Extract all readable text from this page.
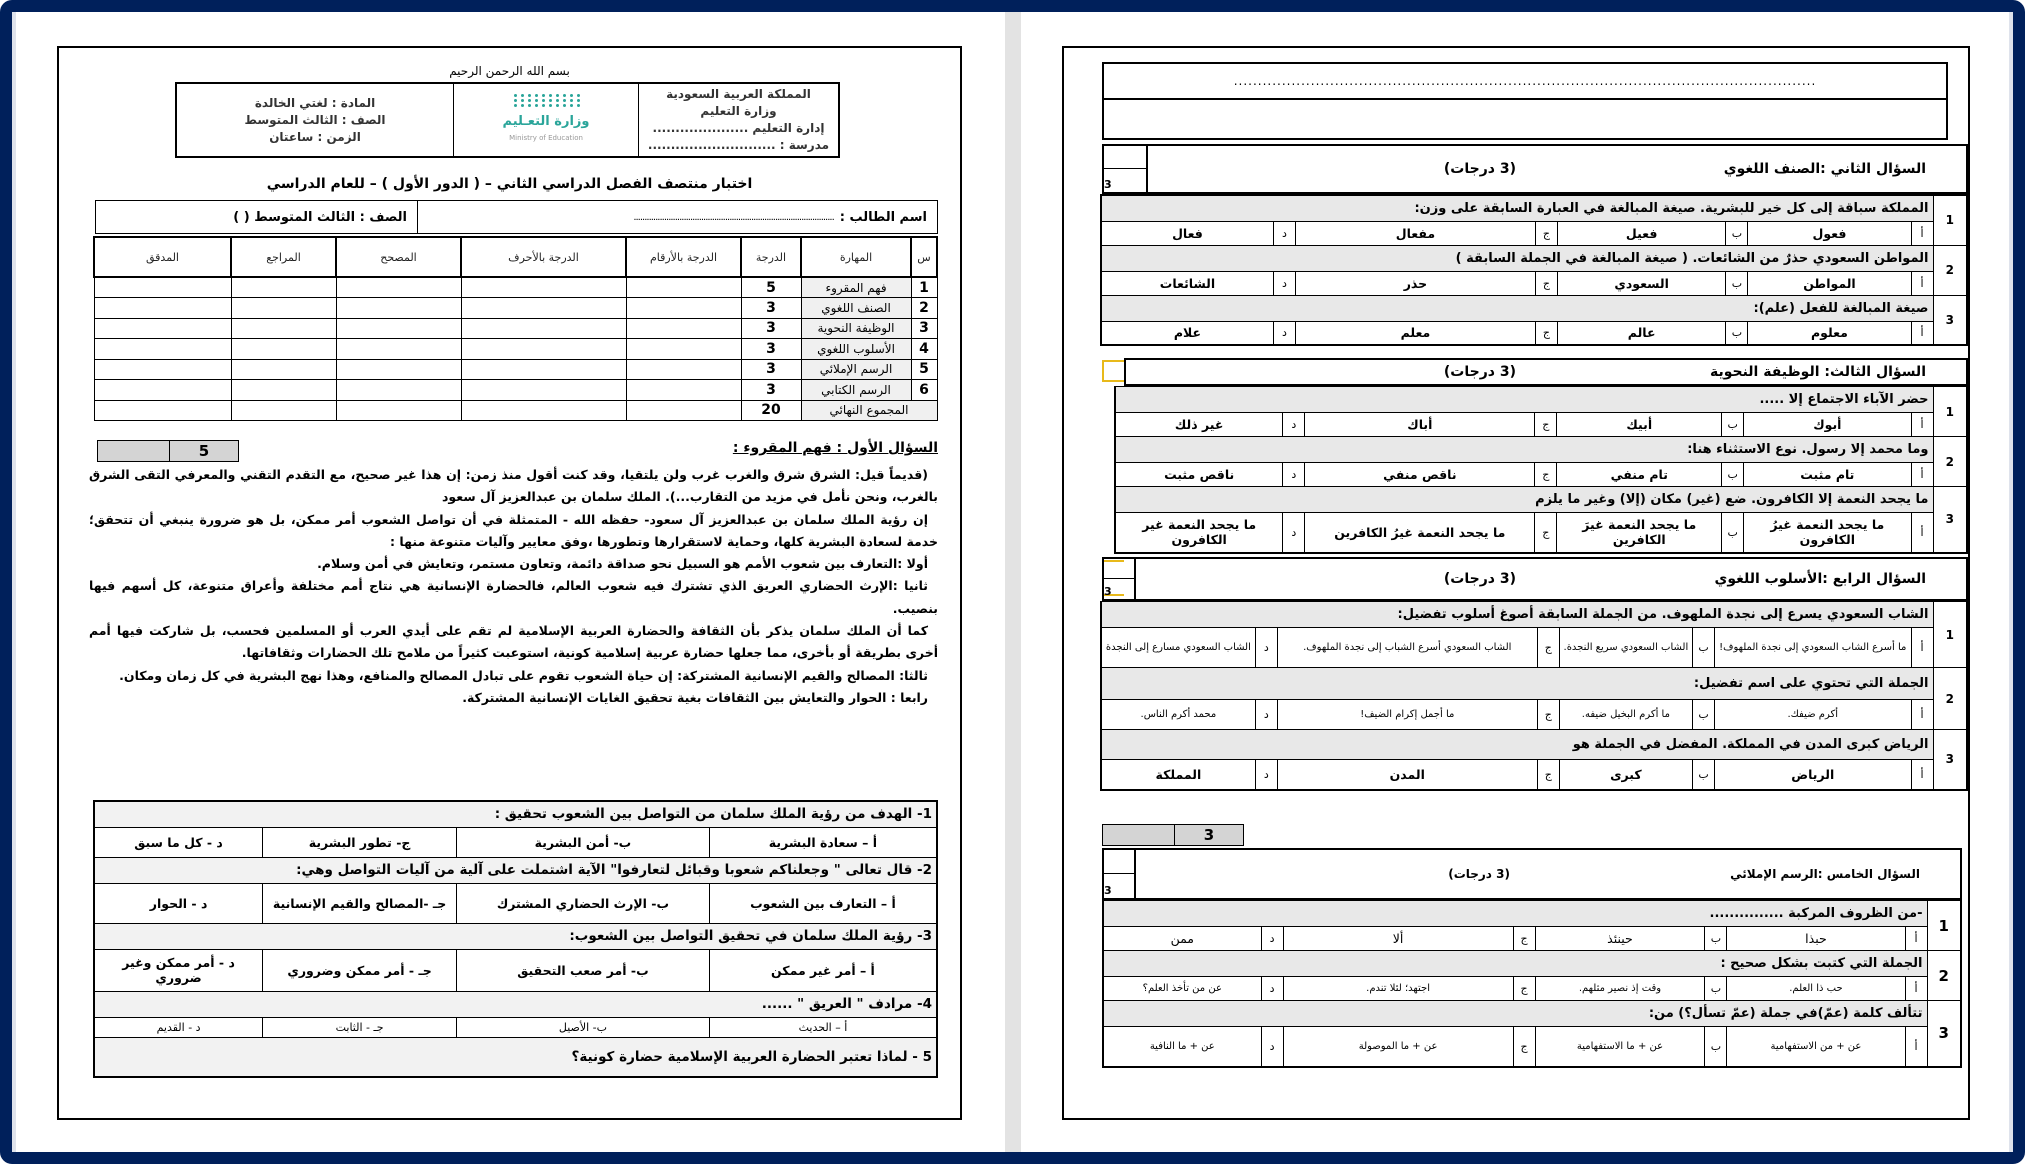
بسم الله الرحمن الرحيم
المملكة العربية السعودية
وزارة التعليم
إدارة التعليم .....................
مدرسة : ............................
وزارة التعـليم
Ministry of Education
المادة : لغتي الخالدة
الصف : الثالث المتوسط
الزمن : ساعتان
اختبار منتصف الفصل الدراسي الثاني – ( الدور الأول ) – للعام الدراسي
اسم الطالب :
............................................................................................
الصف : الثالث المتوسط ( )
س	المهارة	الدرجة	الدرجة بالأرقام	الدرجة بالأحرف	المصحح	المراجع	المدقق
1	فهم المقروء	5					
2	الصنف اللغوي	3					
3	الوظيفة النحوية	3					
4	الأسلوب اللغوي	3					
5	الرسم الإملائي	3					
6	الرسم الكتابي	3					
المجموع النهائي		20					
السؤال الأول : فهم المقروء :
5

(قديماً قيل: الشرق شرق والغرب غرب ولن يلتقيا، وقد كنت أقول منذ زمن: إن هذا غير صحيح، مع التقدم التقني والمعرفي التقى الشرق بالغرب، ونحن نأمل في مزيد من التقارب...). الملك سلمان بن عبدالعزيز آل سعود

إن رؤية الملك سلمان بن عبدالعزيز آل سعود- حفظه الله - المتمثلة في أن تواصل الشعوب أمر ممكن، بل هو ضرورة ينبغي أن تتحقق؛ خدمة لسعادة البشرية كلها، وحماية لاستقرارها وتطورها ،وفق معايير وآليات متنوعة منها :

أولا :التعارف بين شعوب الأمم هو السبيل نحو صداقة دائمة، وتعاون مستمر، وتعايش في أمن وسلام.

ثانيا :الإرث الحضاري العريق الذي تشترك فيه شعوب العالم، فالحضارة الإنسانية هي نتاج أمم مختلفة وأعراق متنوعة، كل أسهم فيها بنصيب.

كما أن الملك سلمان يذكر بأن الثقافة والحضارة العربية الإسلامية لم تقم على أيدي العرب أو المسلمين فحسب، بل شاركت فيها أمم أخرى بطريقة أو بأخرى، مما جعلها حضارة عربية إسلامية كونية، استوعبت كثيراً من ملامح تلك الحضارات وثقافاتها.

ثالثا: المصالح والقيم الإنسانية المشتركة: إن حياة الشعوب تقوم على تبادل المصالح والمنافع، وهذا نهج البشرية في كل زمان ومكان.

رابعا : الحوار والتعايش بين الثقافات بغية تحقيق الغايات الإنسانية المشتركة.

1- الهدف من رؤية الملك سلمان من التواصل بين الشعوب تحقيق :			
أ – سعادة البشرية	ب- أمن البشرية	ج- تطور البشرية	د - كل ما سبق
2- قال تعالى " وجعلناكم شعوبا وقبائل لتعارفوا" الآية اشتملت على آلية من آليات التواصل وهي:			
أ – التعارف بين الشعوب	ب- الإرث الحضاري المشترك	جـ -المصالح والقيم الإنسانية	د - الحوار
3- رؤية الملك سلمان في تحقيق التواصل بين الشعوب:			
أ – أمر غير ممكن	ب- أمر صعب التحقيق	جـ - أمر ممكن وضروري	د - أمر ممكن وغير ضروري
4- مرادف " العريق " ......			
أ – الحديث	ب- الأصيل	جـ - الثابت	د - القديم
5 - لماذا تعتبر الحضارة العربية الإسلامية حضارة كونية؟			
.........................................................................................................................
السؤال الثاني :الصنف اللغوي
(3 درجات)
3
1	المملكة سباقة إلى كل خير للبشرية. صيغة المبالغة في العبارة السابقة على وزن:							
	أ	فعول	ب	فعيل	ج	مفعال	د	فعال
2	المواطن السعودي حذرٌ من الشائعات. ( صيغة المبالغة في الجملة السابقة )							
	أ	المواطن	ب	السعودي	ج	حذر	د	الشائعات
3	صيغة المبالغة للفعل (علم):							
	أ	معلوم	ب	عالم	ج	معلم	د	علام
السؤال الثالث: الوظيفة النحوية
(3 درجات)
1	حضر الآباء الاجتماع إلا .....							
	أ	أبوك	ب	أبيك	ج	أباك	د	غير ذلك
2	وما محمد إلا رسول. نوع الاستثناء هنا:							
	أ	تام مثبت	ب	تام منفي	ج	ناقص منفي	د	ناقص مثبت
3	ما يجحد النعمة إلا الكافرون. ضع (غير) مكان (إلا) وغير ما يلزم							
	أ	ما يجحد النعمة غيرُ الكافرون	ب	ما يجحد النعمة غيرَ الكافرين	ج	ما يجحد النعمة غيرُ الكافرين	د	ما يجحد النعمة غير الكافرون
السؤال الرابع :الأسلوب اللغوي
(3 درجات)
3
1	الشاب السعودي يسرع إلى نجدة الملهوف. من الجملة السابقة أصوغ أسلوب تفضيل:							
	أ	ما أسرع الشاب السعودي إلى نجدة الملهوف!	ب	الشاب السعودي سريع النجدة.	ج	الشاب السعودي أسرع الشباب إلى نجدة الملهوف.	د	الشاب السعودي مسارع إلى النجدة
2	الجملة التي تحتوي على اسم تفضيل:							
	أ	أكرم ضيفك.	ب	ما أكرم البخيل ضيفه.	ج	ما أجمل إكرام الضيف!	د	محمد أكرم الناس.
3	الرياض كبرى المدن في المملكة. المفضل في الجملة هو							
	أ	الرياض	ب	كبرى	ج	المدن	د	المملكة
3
السؤال الخامس :الرسم الإملائي
(3 درجات)
3
1	-من الظروف المركبة ...............							
	أ	حبذا	ب	حينئذ	ج	ألا	د	ممن
2	الجملة التي كتبت بشكل صحيح :							
	أ	حب ذا العلم.	ب	وقت إذ نصير مثلهم.	ج	اجتهد؛ لئلا تندم.	د	عن من تأخذ العلم؟
3	تتألف كلمة (عمّ)في جملة (عمّ تسأل؟) من:							
	أ	عن + من الاستفهامية	ب	عن + ما الاستفهامية	ج	عن + ما الموصولة	د	عن + ما النافية
